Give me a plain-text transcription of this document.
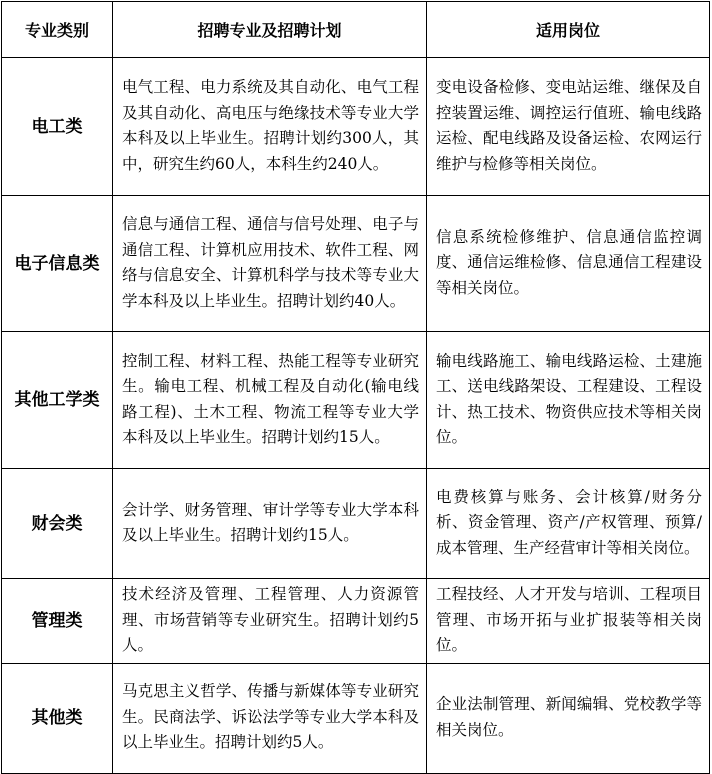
专业类别	招聘专业及招聘计划	适用岗位
电工类	电气工程、电力系统及其自动化、电气工程及其自动化、高电压与绝缘技术等专业大学本科及以上毕业生。招聘计划约300人，其中，研究生约60人，本科生约240人。	变电设备检修、变电站运维、继保及自控装置运维、调控运行值班、输电线路运检、配电线路及设备运检、农网运行维护与检修等相关岗位。
电子信息类	信息与通信工程、通信与信号处理、电子与通信工程、计算机应用技术、软件工程、网络与信息安全、计算机科学与技术等专业大学本科及以上毕业生。招聘计划约40人。	信息系统检修维护、信息通信监控调度、通信运维检修、信息通信工程建设等相关岗位。
其他工学类	控制工程、材料工程、热能工程等专业研究生。输电工程、机械工程及自动化(输电线路工程)、土木工程、物流工程等专业大学本科及以上毕业生。招聘计划约15人。	输电线路施工、输电线路运检、土建施工、送电线路架设、工程建设、工程设计、热工技术、物资供应技术等相关岗位。
财会类	会计学、财务管理、审计学等专业大学本科及以上毕业生。招聘计划约15人。	电费核算与账务、会计核算/财务分析、资金管理、资产/产权管理、预算/成本管理、生产经营审计等相关岗位。
管理类	技术经济及管理、工程管理、人力资源管理、市场营销等专业研究生。招聘计划约5人。	工程技经、人才开发与培训、工程项目管理、市场开拓与业扩报装等相关岗位。
其他类	马克思主义哲学、传播与新媒体等专业研究生。民商法学、诉讼法学等专业大学本科及以上毕业生。招聘计划约5人。	企业法制管理、新闻编辑、党校教学等相关岗位。
